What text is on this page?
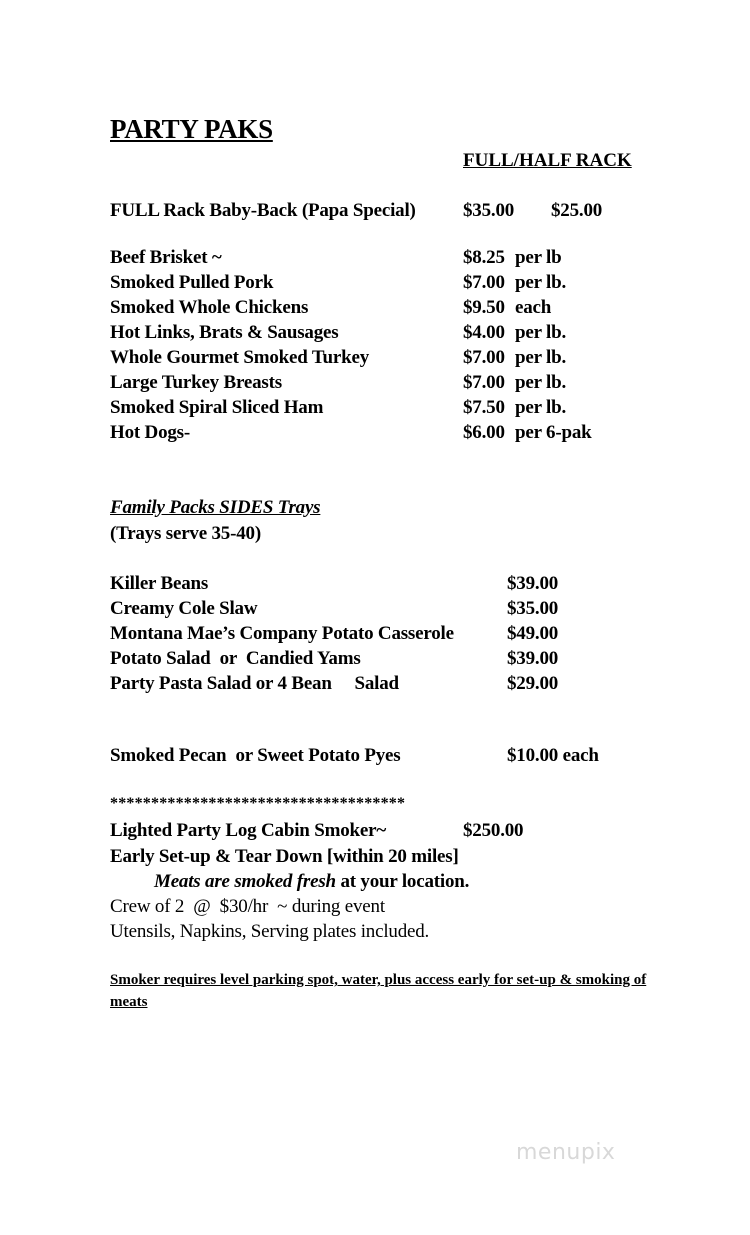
PARTY PAKS
FULL/HALF RACK
FULL Rack Baby-Back (Papa Special) $35.00 $25.00
Beef Brisket ~	$8.25 per lb
Smoked Pulled Pork	$7.00 per lb.
Smoked Whole Chickens	$9.50 each
Hot Links, Brats & Sausages	$4.00 per lb.
Whole Gourmet Smoked Turkey	$7.00 per lb.
Large Turkey Breasts	$7.00 per lb.
Smoked Spiral Sliced Ham	$7.50 per lb.
Hot Dogs-	$6.00 per 6-pak
Family Packs SIDES Trays
(Trays serve 35-40)
Killer Beans	$39.00
Creamy Cole Slaw	$35.00
Montana Mae’s Company Potato Casserole	$49.00
Potato Salad  or  Candied Yams	$39.00
Party Pasta Salad or 4 Bean     Salad	$29.00
Smoked Pecan  or Sweet Potato Pyes	$10.00 each
************************************
Lighted Party Log Cabin Smoker~	$250.00
Early Set-up & Tear Down [within 20 miles]
Meats are smoked fresh at your location.
Crew of 2  @  $30/hr  ~ during event
Utensils, Napkins, Serving plates included.
Smoker requires level parking spot, water, plus access early for set-up & smoking of meats
menupix
